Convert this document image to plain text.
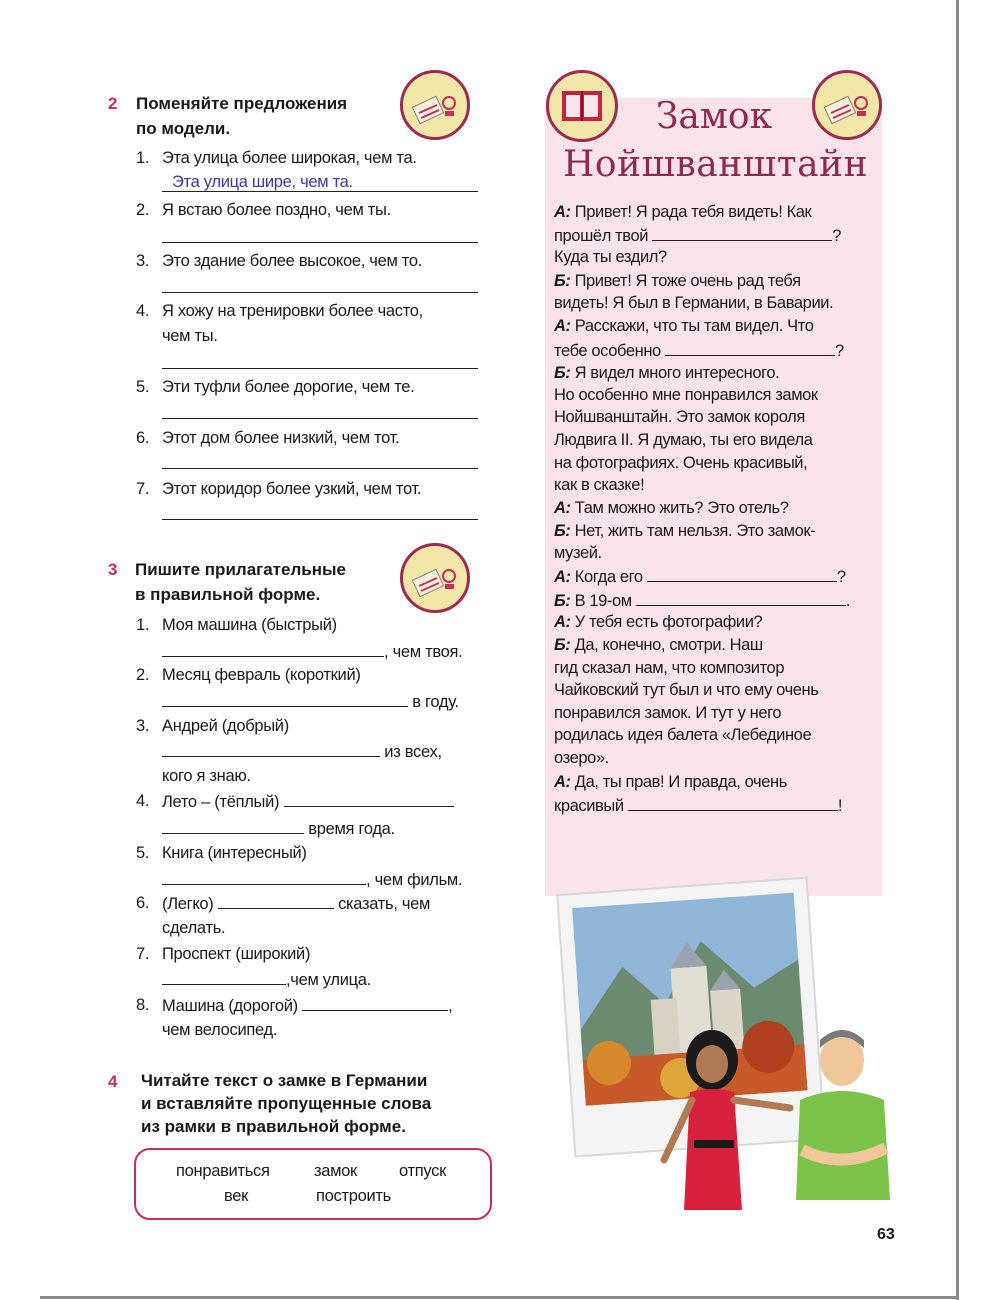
2 Поменяйте предложения
по модели.
1. Эта улица более широкая, чем та.
Эта улица шире, чем та.
2. Я встаю более поздно, чем ты.
3. Это здание более высокое, чем то.
4. Я хожу на тренировки более часто,
чем ты.
5. Эти туфли более дорогие, чем те.
6. Этот дом более низкий, чем тот.
7. Этот коридор более узкий, чем тот.
3 Пишите прилагательные
в правильной форме.
1. Моя машина (быстрый)
, чем твоя.
2. Месяц февраль (короткий)
в году.
3. Андрей (добрый)
из всех,
кого я знаю.
4. Лето – (тёплый)
время года.
5. Книга (интересный)
, чем фильм.
6. (Легко)	сказать, чем
сделать.
7. Проспект (широкий)
,чем улица.
8. Машина (дорогой)	,
чем велосипед.
4 Читайте текст о замке в Германии
и вставляйте пропущенные слова
из рамки в правильной форме.
понравиться	замок	отпуск
век	построить
Замок
Нойшванштайн
А: Привет! Я рада тебя видеть! Как
прошёл твой	?
Куда ты ездил?
Б: Привет! Я тоже очень рад тебя
видеть! Я был в Германии, в Баварии.
А: Расскажи, что ты там видел. Что
тебе особенно	?
Б: Я видел много интересного.
Но особенно мне понравился замок
Нойшванштайн. Это замок короля
Людвига II. Я думаю, ты его видела
на фотографиях. Очень красивый,
как в сказке!
А: Там можно жить? Это отель?
Б: Нет, жить там нельзя. Это замок-
музей.
А: Когда его	?
Б: В 19-ом	.
А: У тебя есть фотографии?
Б: Да, конечно, смотри. Наш
гид сказал нам, что композитор
Чайковский тут был и что ему очень
понравился замок. И тут у него
родилась идея балета «Лебединое
озеро».
А: Да, ты прав! И правда, очень
красивый	!
63
